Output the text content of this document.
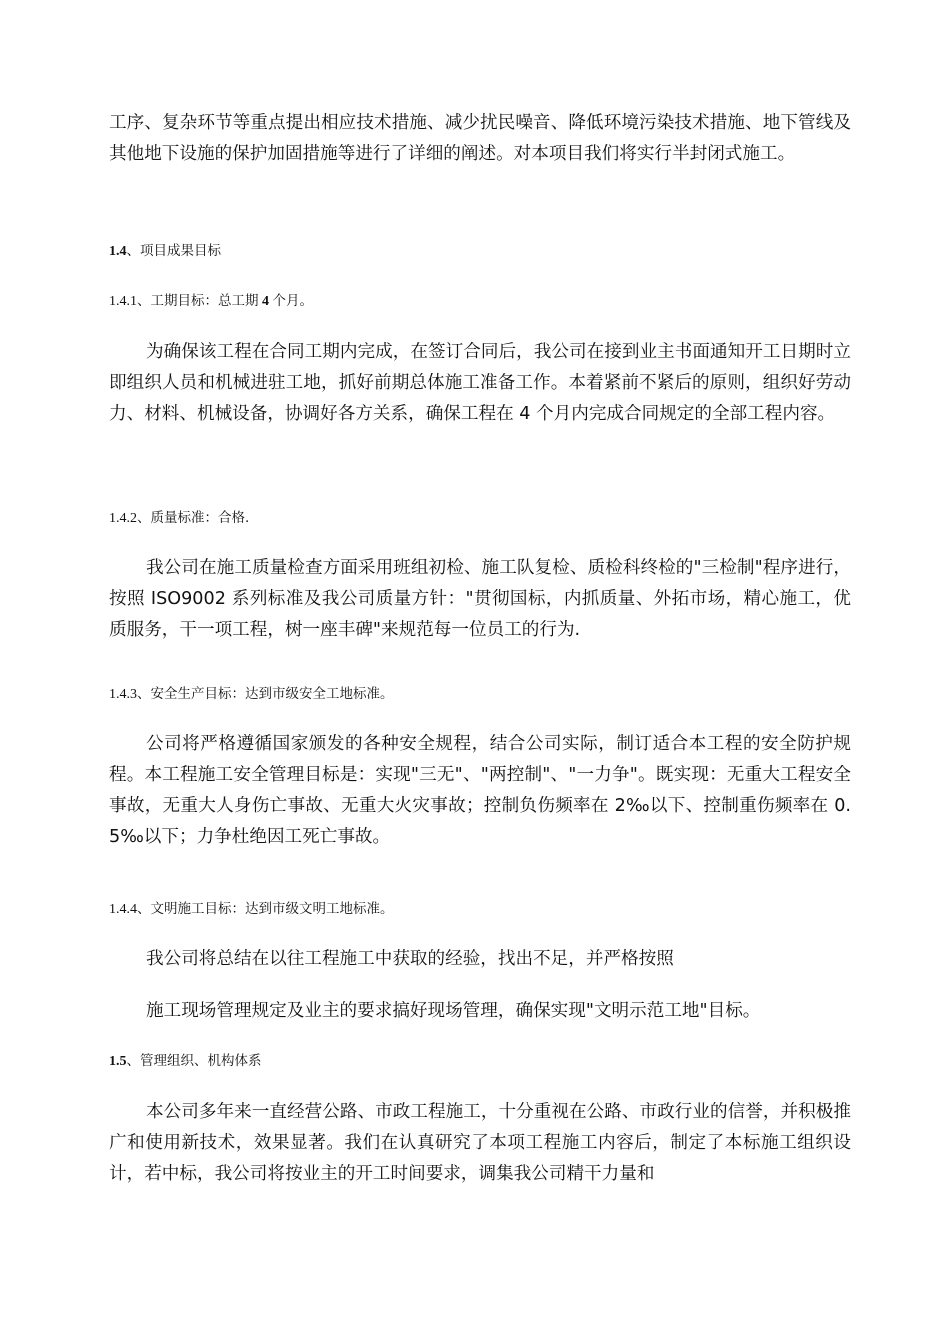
工序、复杂环节等重点提出相应技术措施、减少扰民噪音、降低环境污染技术措施、地下管线及其他地下设施的保护加固措施等进行了详细的阐述。对本项目我们将实行半封闭式施工。

1.4、项目成果目标
1.4.1、工期目标：总工期 4 个月。

为确保该工程在合同工期内完成，在签订合同后，我公司在接到业主书面通知开工日期时立即组织人员和机械进驻工地，抓好前期总体施工准备工作。本着紧前不紧后的原则，组织好劳动力、材料、机械设备，协调好各方关系，确保工程在 4 个月内完成合同规定的全部工程内容。

1.4.2、质量标准：合格.

我公司在施工质量检查方面采用班组初检、施工队复检、质检科终检的"三检制"程序进行，按照 ISO9002 系列标准及我公司质量方针："贯彻国标，内抓质量、外拓市场，精心施工，优质服务，干一项工程，树一座丰碑"来规范每一位员工的行为.

1.4.3、安全生产目标：达到市级安全工地标准。

公司将严格遵循国家颁发的各种安全规程，结合公司实际，制订适合本工程的安全防护规程。本工程施工安全管理目标是：实现"三无"、"两控制"、"一力争"。既实现：无重大工程安全事故，无重大人身伤亡事故、无重大火灾事故；控制负伤频率在 2‰以下、控制重伤频率在 0.5‰以下；力争杜绝因工死亡事故。

1.4.4、文明施工目标：达到市级文明工地标准。

我公司将总结在以往工程施工中获取的经验，找出不足，并严格按照

施工现场管理规定及业主的要求搞好现场管理，确保实现"文明示范工地"目标。

1.5、管理组织、机构体系

本公司多年来一直经营公路、市政工程施工，十分重视在公路、市政行业的信誉，并积极推广和使用新技术，效果显著。我们在认真研究了本项工程施工内容后，制定了本标施工组织设计，若中标，我公司将按业主的开工时间要求，调集我公司精干力量和
